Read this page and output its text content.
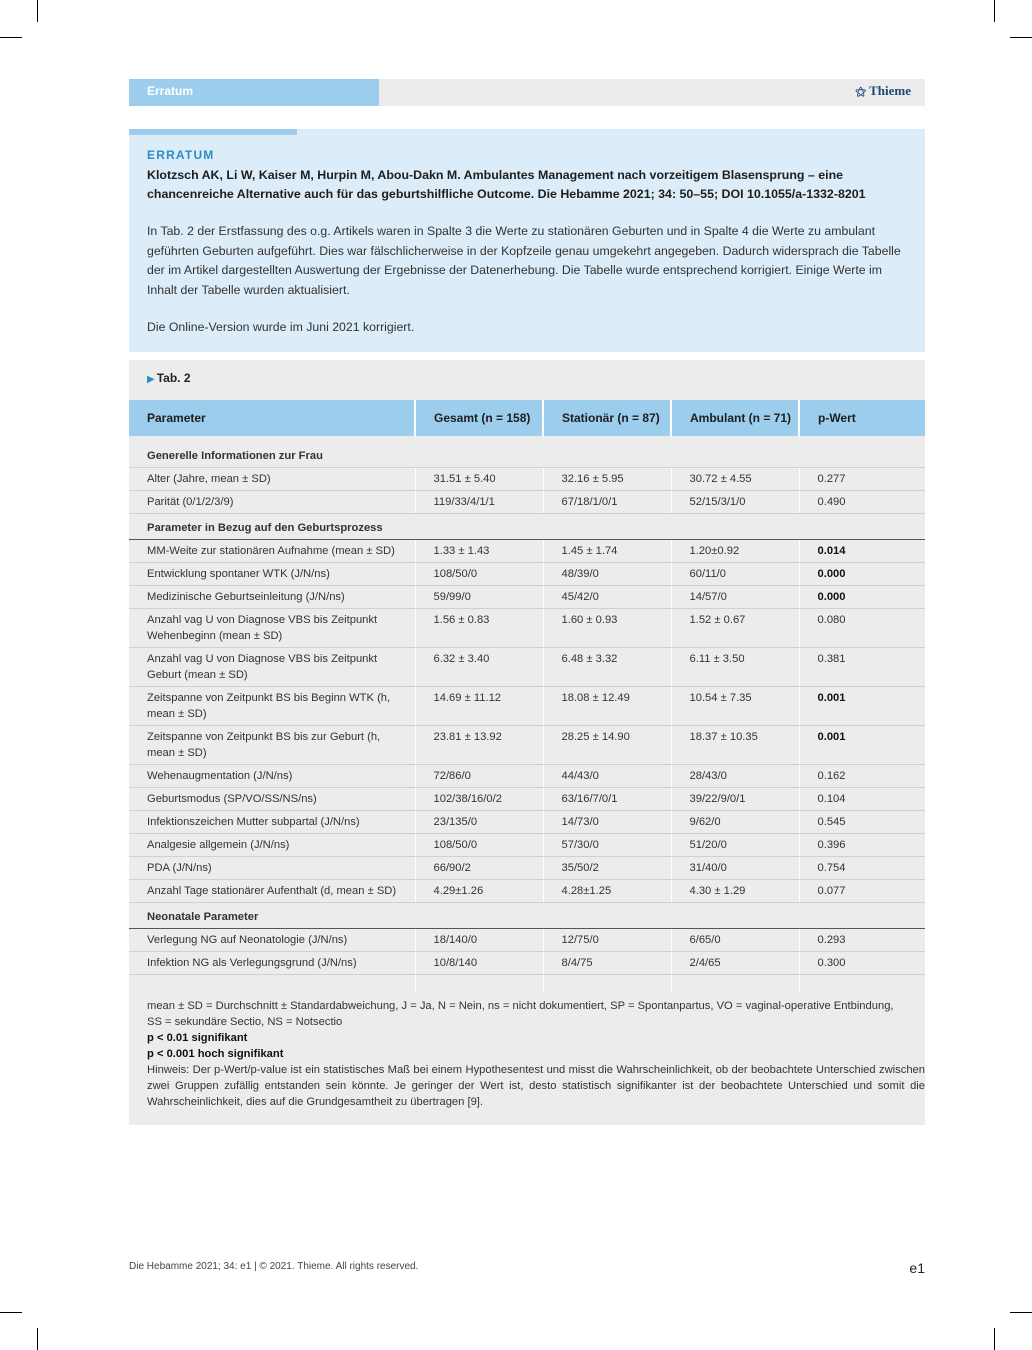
Erratum	⚝ Thieme
ERRATUM
Klotzsch AK, Li W, Kaiser M, Hurpin M, Abou-Dakn M. Ambulantes Management nach vorzeitigem Blasensprung – eine chancenreiche Alternative auch für das geburtshilfliche Outcome. Die Hebamme 2021; 34: 50–55; DOI 10.1055/a-1332-8201

In Tab. 2 der Erstfassung des o.g. Artikels waren in Spalte 3 die Werte zu stationären Geburten und in Spalte 4 die Werte zu ambulant geführten Geburten aufgeführt. Dies war fälschlicherweise in der Kopfzeile genau umgekehrt angegeben. Dadurch widersprach die Tabelle der im Artikel dargestellten Auswertung der Ergebnisse der Datenerhebung. Die Tabelle wurde entsprechend korrigiert. Einige Werte im Inhalt der Tabelle wurden aktualisiert.

Die Online-Version wurde im Juni 2021 korrigiert.

▶ Tab. 2
Parameter	Gesamt (n = 158)	Stationär (n = 87)	Ambulant (n = 71)	p-Wert

Generelle Informationen zur Frau				
Alter (Jahre, mean ± SD)	31.51 ± 5.40	32.16 ± 5.95	30.72 ± 4.55	0.277
Parität (0/1/2/3/9)	119/33/4/1/1	67/18/1/0/1	52/15/3/1/0	0.490
Parameter in Bezug auf den Geburtsprozess				
MM-Weite zur stationären Aufnahme (mean ± SD)	1.33 ± 1.43	1.45 ± 1.74	1.20±0.92	0.014
Entwicklung spontaner WTK (J/N/ns)	108/50/0	48/39/0	60/11/0	0.000
Medizinische Geburtseinleitung (J/N/ns)	59/99/0	45/42/0	14/57/0	0.000
Anzahl vag U von Diagnose VBS bis Zeitpunkt Wehenbeginn (mean ± SD)	1.56 ± 0.83	1.60 ± 0.93	1.52 ± 0.67	0.080
Anzahl vag U von Diagnose VBS bis Zeitpunkt Geburt (mean ± SD)	6.32 ± 3.40	6.48 ± 3.32	6.11 ± 3.50	0.381
Zeitspanne von Zeitpunkt BS bis Beginn WTK (h, mean ± SD)	14.69 ± 11.12	18.08 ± 12.49	10.54 ± 7.35	0.001
Zeitspanne von Zeitpunkt BS bis zur Geburt (h, mean ± SD)	23.81 ± 13.92	28.25 ± 14.90	18.37 ± 10.35	0.001
Wehenaugmentation (J/N/ns)	72/86/0	44/43/0	28/43/0	0.162
Geburtsmodus (SP/VO/SS/NS/ns)	102/38/16/0/2	63/16/7/0/1	39/22/9/0/1	0.104
Infektionszeichen Mutter subpartal (J/N/ns)	23/135/0	14/73/0	9/62/0	0.545
Analgesie allgemein (J/N/ns)	108/50/0	57/30/0	51/20/0	0.396
PDA (J/N/ns)	66/90/2	35/50/2	31/40/0	0.754
Anzahl Tage stationärer Aufenthalt (d, mean ± SD)	4.29±1.26	4.28±1.25	4.30 ± 1.29	0.077
Neonatale Parameter				
Verlegung NG auf Neonatologie (J/N/ns)	18/140/0	12/75/0	6/65/0	0.293
Infektion NG als Verlegungsgrund (J/N/ns)	10/8/140	8/4/75	2/4/65	0.300

mean ± SD = Durchschnitt ± Standardabweichung, J = Ja, N = Nein, ns = nicht dokumentiert, SP = Spontanpartus, VO = vaginal-operative Entbindung,
SS = sekundäre Sectio, NS = Notsectio
p < 0.01 signifikant
p < 0.001 hoch signifikant
Hinweis: Der p-Wert/p-value ist ein statistisches Maß bei einem Hypothesentest und misst die Wahrscheinlichkeit, ob der beobachtete Unterschied zwischen zwei Gruppen zufällig entstanden sein könnte. Je geringer der Wert ist, desto statistisch signifikanter ist der beobachtete Unterschied und somit die Wahrscheinlichkeit, dies auf die Grundgesamtheit zu übertragen [9].
Die Hebamme 2021; 34: e1 | © 2021. Thieme. All rights reserved.	e1
